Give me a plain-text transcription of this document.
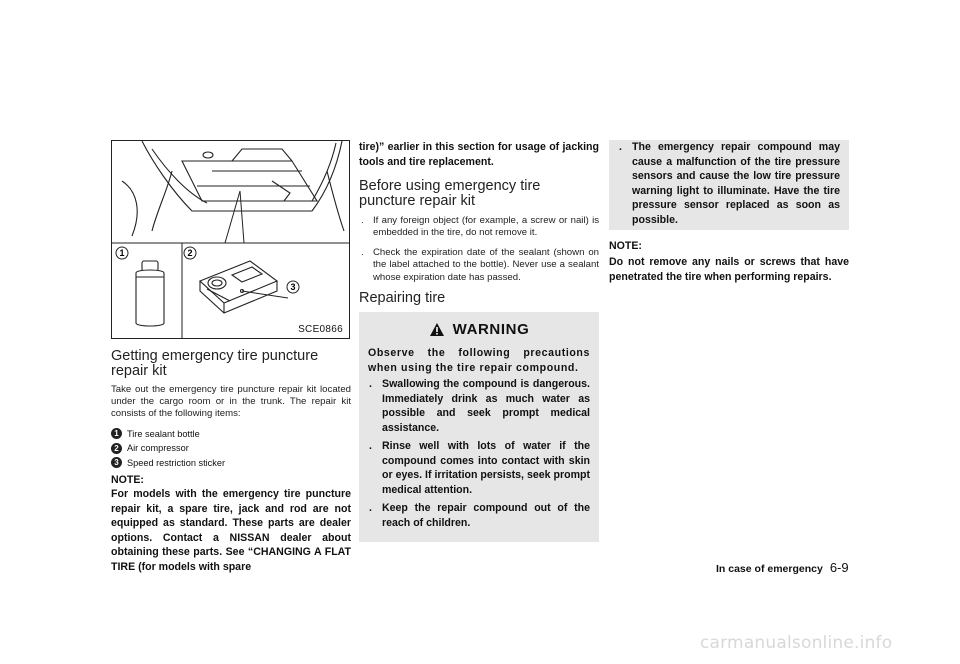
1	2
3
SCE0866
Getting emergency tire puncture repair kit

Take out the emergency tire puncture repair kit located under the cargo room or in the trunk. The repair kit consists of the following items:

1 Tire sealant bottle
2 Air compressor
3 Speed restriction sticker

NOTE:

For models with the emergency tire puncture repair kit, a spare tire, jack and rod are not equipped as standard. These parts are dealer options. Contact a NISSAN dealer about obtaining these parts. See “CHANGING A FLAT TIRE (for models with spare

tire)” earlier in this section for usage of jacking tools and tire replacement.

Before using emergency tire puncture repair kit
. If any foreign object (for example, a screw or nail) is embedded in the tire, do not remove it.
. Check the expiration date of the sealant (shown on the label attached to the bottle). Never use a sealant whose expiration date has passed.
Repairing tire
WARNING

Observe the following precautions when using the tire repair compound.

. Swallowing the compound is dangerous. Immediately drink as much water as possible and seek prompt medical assistance.
. Rinse well with lots of water if the compound comes into contact with skin or eyes. If irritation persists, seek prompt medical attention.
. Keep the repair compound out of the reach of children.
. The emergency repair compound may cause a malfunction of the tire pressure sensors and cause the low tire pressure warning light to illuminate. Have the tire pressure sensor replaced as soon as possible.

NOTE:

Do not remove any nails or screws that have penetrated the tire when performing repairs.

In case of emergency 6-9
carmanualsonline.info
